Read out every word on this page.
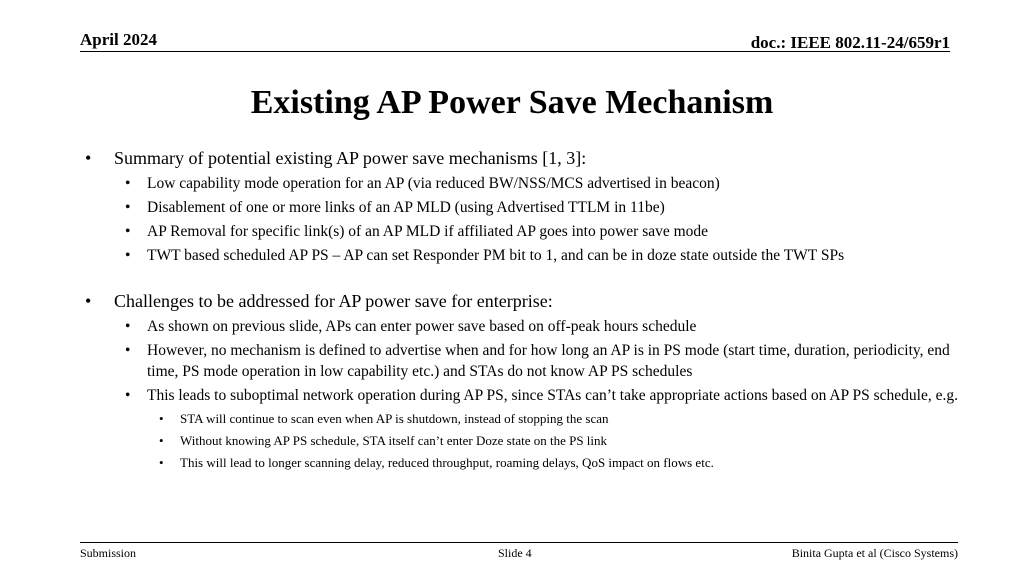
April 2024	doc.: IEEE 802.11-24/659r1
Existing AP Power Save Mechanism
• Summary of potential existing AP power save mechanisms [1, 3]:
• Low capability mode operation for an AP (via reduced BW/NSS/MCS advertised in beacon)
• Disablement of one or more links of an AP MLD (using Advertised TTLM in 11be)
• AP Removal for specific link(s) of an AP MLD if affiliated AP goes into power save mode
• TWT based scheduled AP PS – AP can set Responder PM bit to 1, and can be in doze state outside the TWT SPs
• Challenges to be addressed for AP power save for enterprise:
• As shown on previous slide, APs can enter power save based on off-peak hours schedule
• However, no mechanism is defined to advertise when and for how long an AP is in PS mode (start time, duration, periodicity, end time, PS mode operation in low capability etc.) and STAs do not know AP PS schedules
• This leads to suboptimal network operation during AP PS, since STAs can’t take appropriate actions based on AP PS schedule, e.g.
• STA will continue to scan even when AP is shutdown, instead of stopping the scan
• Without knowing AP PS schedule, STA itself can’t enter Doze state on the PS link
• This will lead to longer scanning delay, reduced throughput, roaming delays, QoS impact on flows etc.
Submission	Slide 4	Binita Gupta et al (Cisco Systems)
